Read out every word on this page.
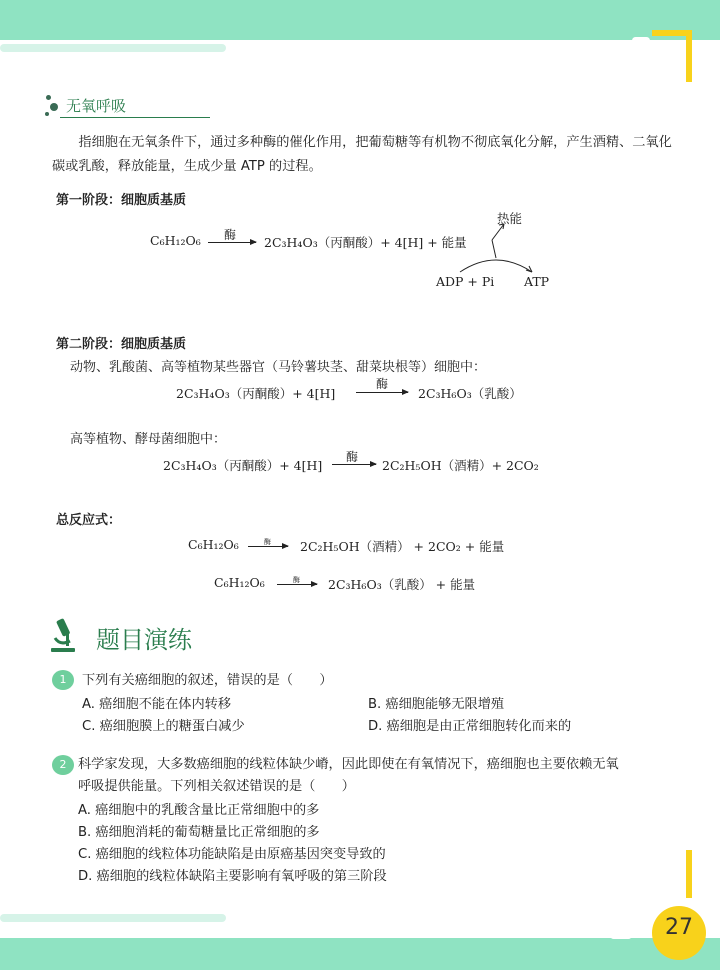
无氧呼吸
指细胞在无氧条件下，通过多种酶的催化作用，把葡萄糖等有机物不彻底氧化分解，产生酒精、二氧化碳或乳酸，释放能量，生成少量 ATP 的过程。
第一阶段：细胞质基质
C₆H₁₂O₆ 酶 2C₃H₄O₃（丙酮酸）+ 4[H] + 能量
热能
ADP + Pi ATP
第二阶段：细胞质基质
动物、乳酸菌、高等植物某些器官（马铃薯块茎、甜菜块根等）细胞中：
2C₃H₄O₃（丙酮酸）+ 4[H]
酶
2C₃H₆O₃（乳酸）
高等植物、酵母菌细胞中：
2C₃H₄O₃（丙酮酸）+ 4[H]
酶
2C₂H₅OH（酒精）+ 2CO₂
总反应式：
C₆H₁₂O₆	酶 2C₂H₅OH（酒精） + 2CO₂ + 能量
C₆H₁₂O₆	酶 2C₃H₆O₃（乳酸） + 能量
题目演练
1	下列有关癌细胞的叙述，错误的是（　　）
A. 癌细胞不能在体内转移	B. 癌细胞能够无限增殖
C. 癌细胞膜上的糖蛋白减少	D. 癌细胞是由正常细胞转化而来的
2 科学家发现，大多数癌细胞的线粒体缺少嵴，因此即使在有氧情况下，癌细胞也主要依赖无氧
呼吸提供能量。下列相关叙述错误的是（　　）
A. 癌细胞中的乳酸含量比正常细胞中的多
B. 癌细胞消耗的葡萄糖量比正常细胞的多
C. 癌细胞的线粒体功能缺陷是由原癌基因突变导致的
D. 癌细胞的线粒体缺陷主要影响有氧呼吸的第三阶段
27
